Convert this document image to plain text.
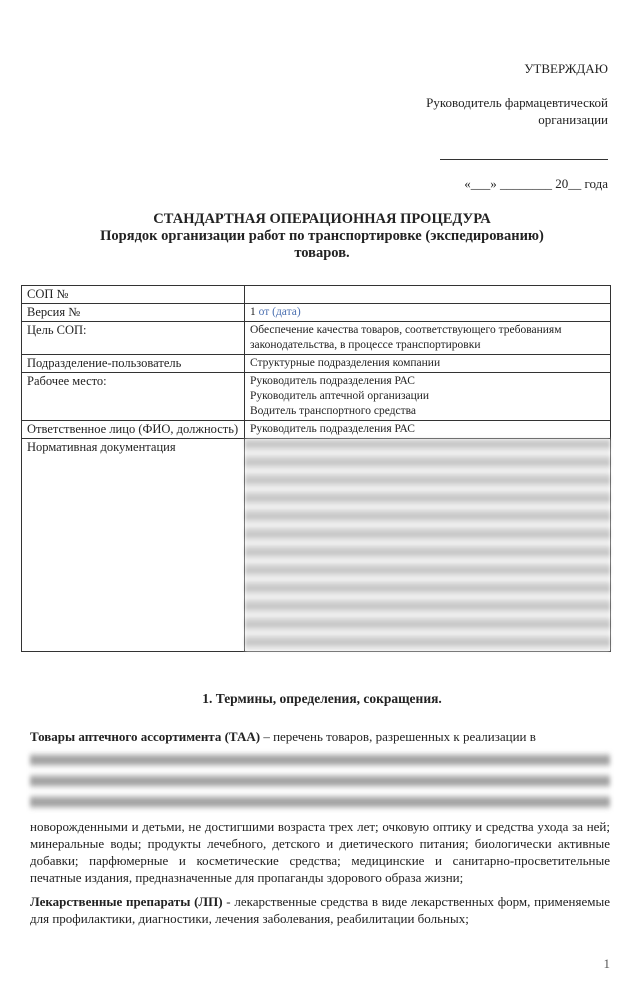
УТВЕРЖДАЮ
Руководитель фармацевтической организации
«___» ________ 20__ года
СТАНДАРТНАЯ ОПЕРАЦИОННАЯ ПРОЦЕДУРА
Порядок организации работ по транспортировке (экспедированию)
товаров.
СОП №	
Версия №	1 от (дата)
Цель СОП:	Обеспечение качества товаров, соответствующего требованиям законодательства, в процессе транспортировки
Подразделение-пользователь	Структурные подразделения компании
Рабочее место:	Руководитель подразделения РАС
Руководитель аптечной организации
Водитель транспортного средства

Ответственное лицо (ФИО, должность)	Руководитель подразделения РАС
Нормативная документация	
1. Термины, определения, сокращения.
Товары аптечного ассортимента (ТАА) – перечень товаров, разрешенных к реализации в
новорожденными и детьми, не достигшими возраста трех лет; очковую оптику и средства ухода за ней; минеральные воды; продукты лечебного, детского и диетического питания; биологически активные добавки; парфюмерные и косметические средства; медицинские и санитарно-просветительные печатные издания, предназначенные для пропаганды здорового образа жизни;
Лекарственные препараты (ЛП) - лекарственные средства в виде лекарственных форм, применяемые для профилактики, диагностики, лечения заболевания, реабилитации больных;
1
